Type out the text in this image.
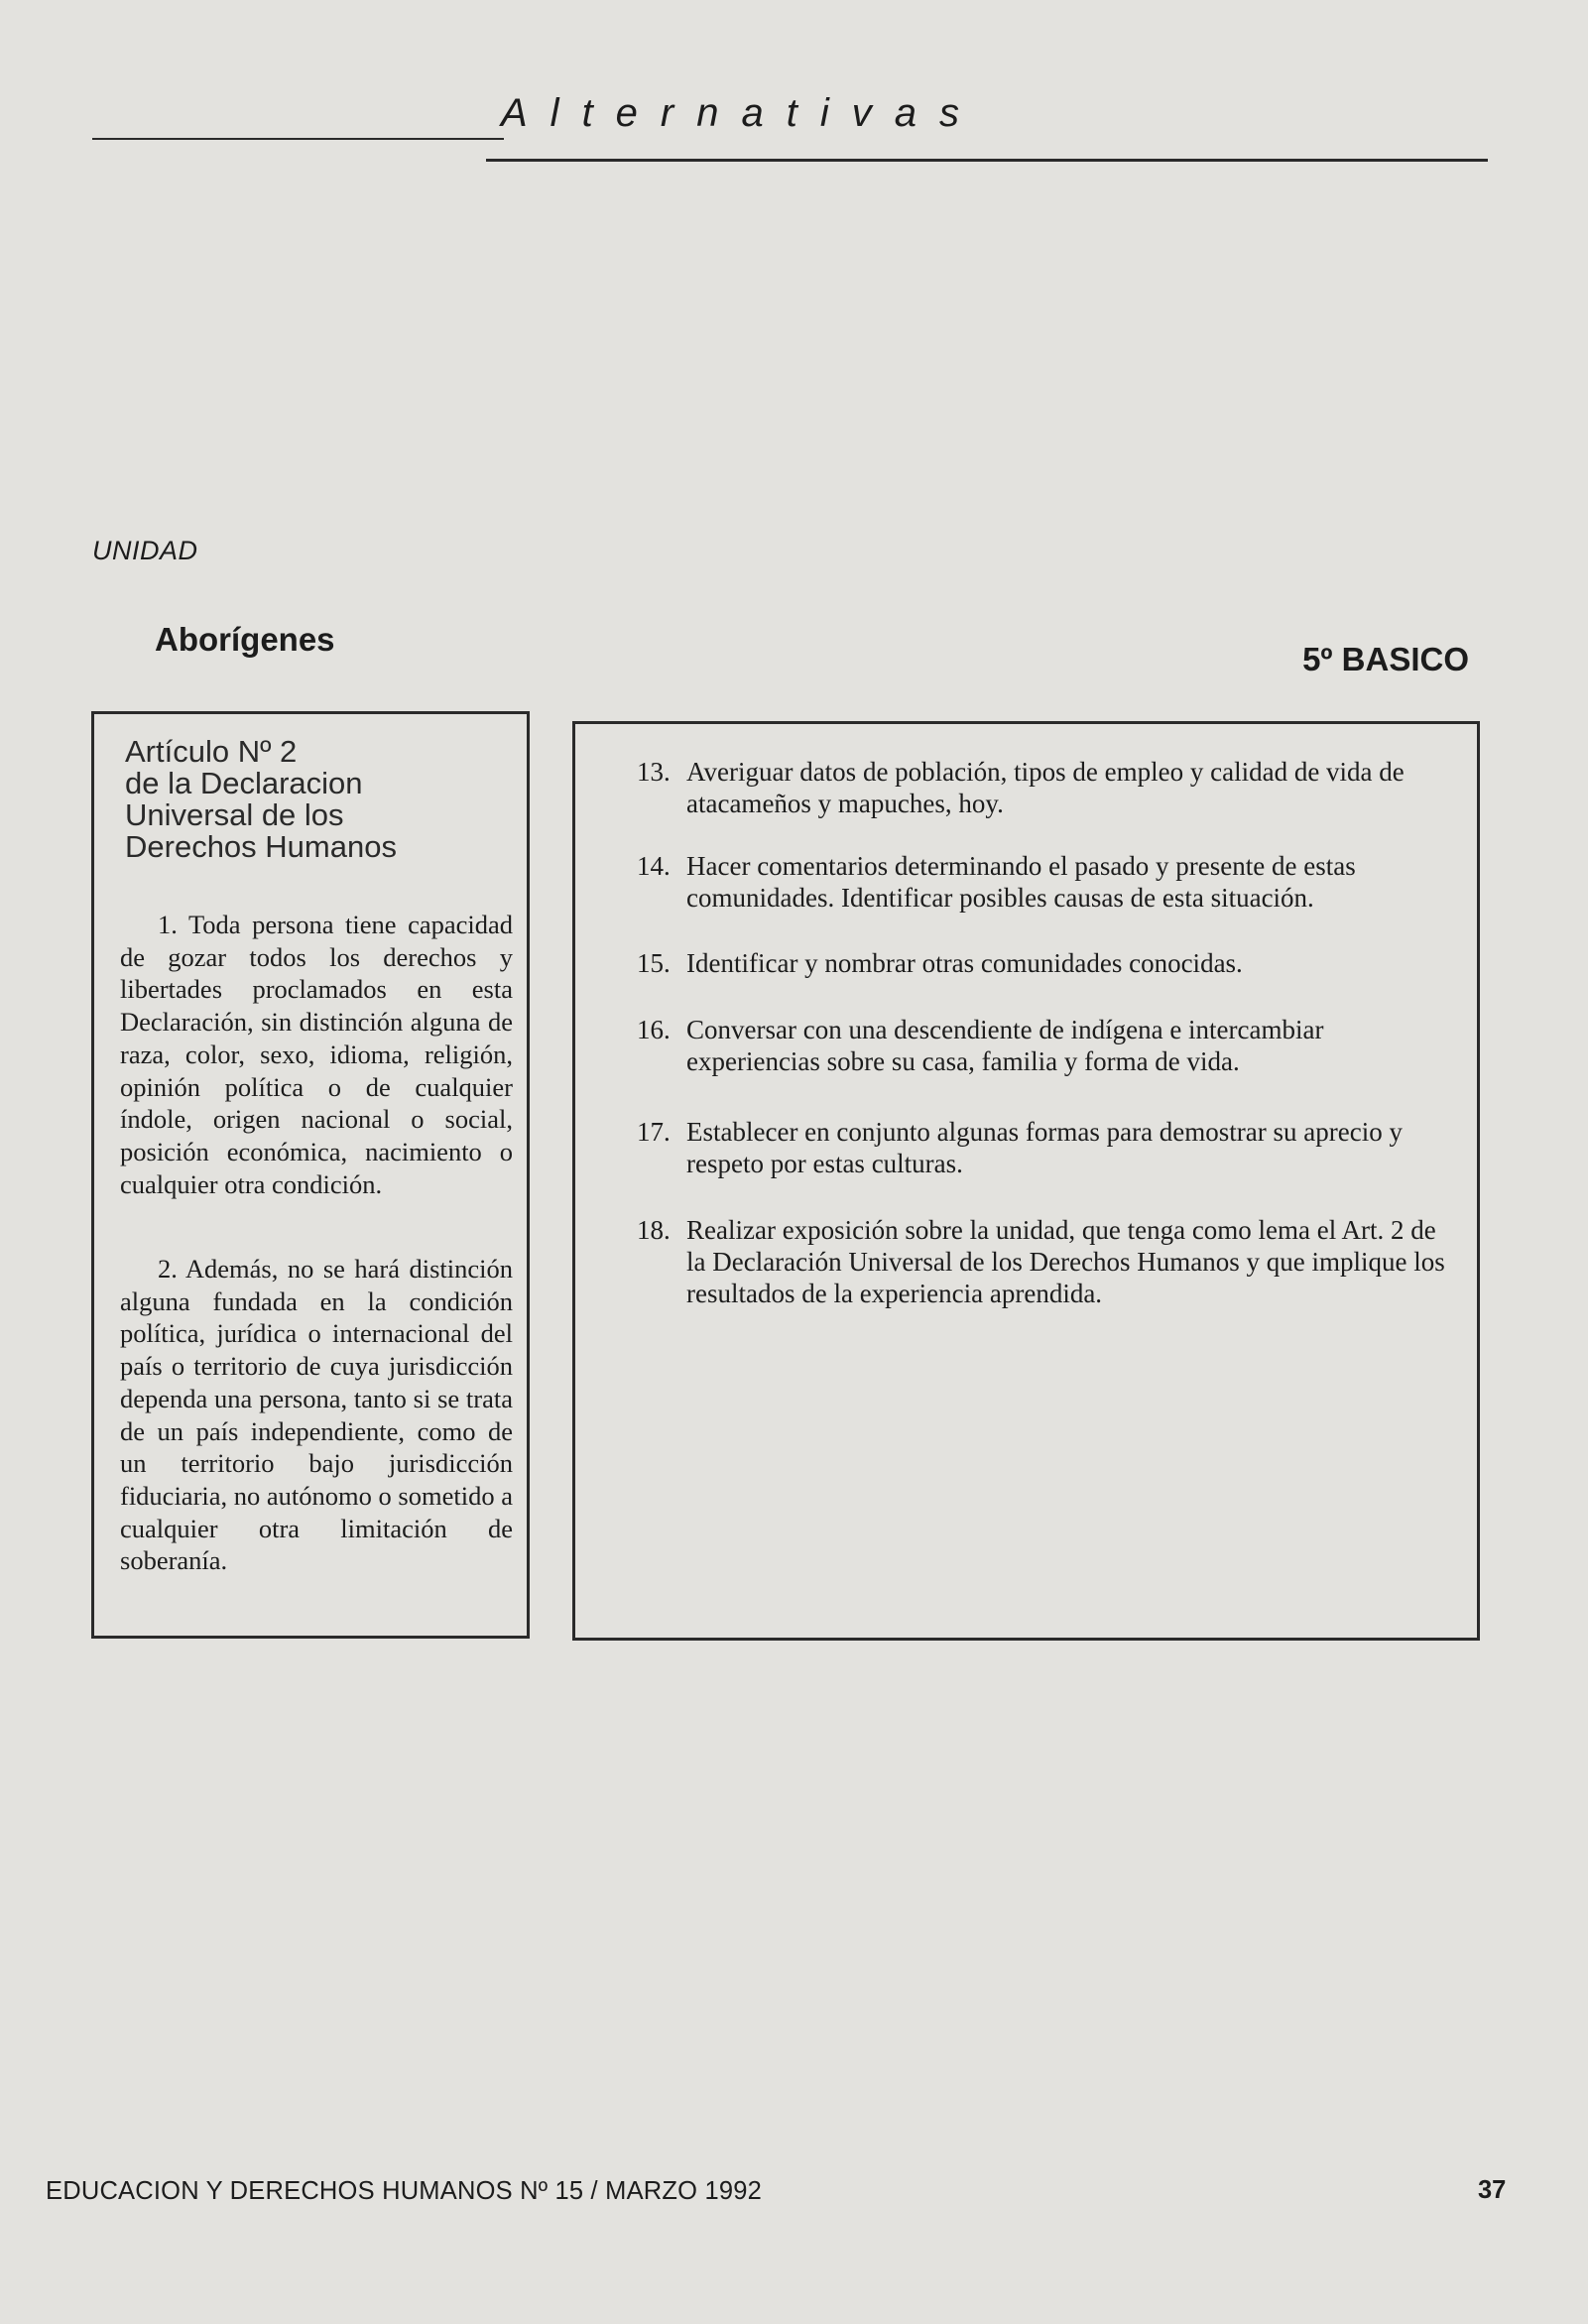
Alternativas
UNIDAD
Aborígenes
5º BASICO
Artículo Nº 2
de la Declaracion
Universal de los
Derechos Humanos

1. Toda persona tiene capacidad de gozar todos los derechos y libertades proclamados en esta Declaración, sin distinción alguna de raza, color, sexo, idioma, religión, opinión política o de cualquier índole, origen nacional o social, posición económica, nacimiento o cualquier otra condición.

2. Además, no se hará distinción alguna fundada en la condición política, jurídica o internacional del país o territorio de cuya jurisdicción dependa una persona, tanto si se trata de un país independiente, como de un territorio bajo jurisdicción fiduciaria, no autónomo o sometido a cualquier otra limitación de soberanía.

13. Averiguar datos de población, tipos de empleo y calidad de vida de atacameños y mapuches, hoy.
14. Hacer comentarios determinando el pasado y presente de estas comunidades. Identificar posibles causas de esta situación.
15. Identificar y nombrar otras comunidades conocidas.
16. Conversar con una descendiente de indígena e intercambiar experiencias sobre su casa, familia y forma de vida.
17. Establecer en conjunto algunas formas para demostrar su aprecio y respeto por estas culturas.
18. Realizar exposición sobre la unidad, que tenga como lema el Art. 2 de la Declaración Universal de los Derechos Humanos y que implique los resultados de la experiencia aprendida.
EDUCACION Y DERECHOS HUMANOS Nº 15 / MARZO 1992	37
